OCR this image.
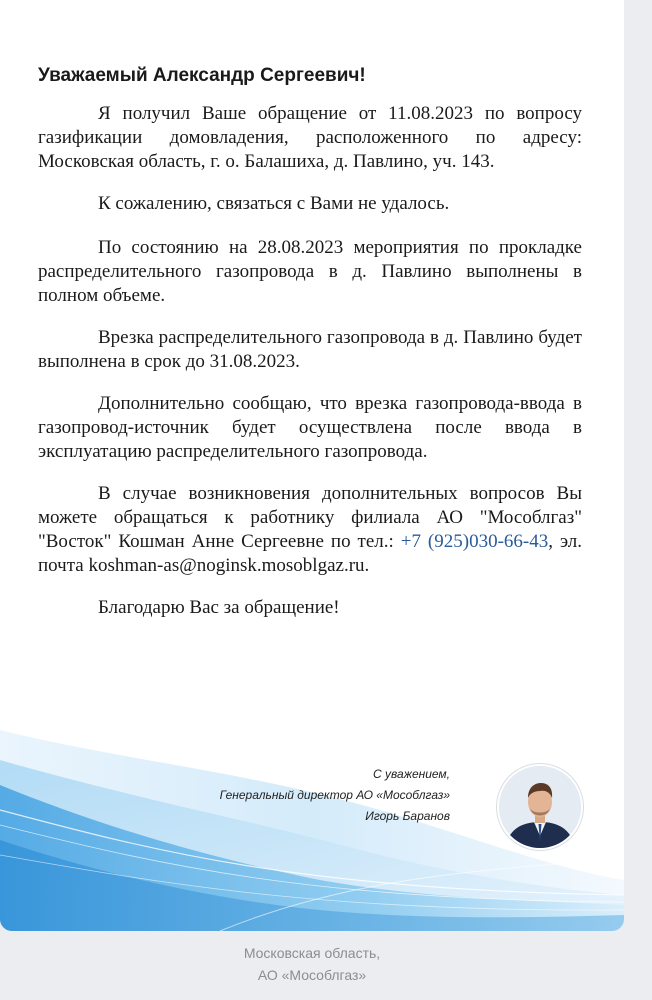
Уважаемый Александр Сергеевич!

Я получил Ваше обращение от 11.08.2023 по вопросу газификации домовладения, расположенного по адресу: Московская область, г. о. Балашиха, д. Павлино, уч. 143.

К сожалению, связаться с Вами не удалось.

По состоянию на 28.08.2023 мероприятия по прокладке распределительного газопровода в д. Павлино выполнены в полном объеме.

Врезка распределительного газопровода в д. Павлино будет выполнена в срок до 31.08.2023.

Дополнительно сообщаю, что врезка газопровода-ввода в газопровод-источник будет осуществлена после ввода в эксплуатацию распределительного газопровода.

В случае возникновения дополнительных вопросов Вы можете обращаться к работнику филиала АО "Мособлгаз" "Восток" Кошман Анне Сергеевне по тел.: +7 (925)030-66-43, эл. почта koshman-as@noginsk.mosoblgaz.ru.

Благодарю Вас за обращение!

С уважением,
Генеральный директор АО «Мособлгаз»
Игорь Баранов
Московская область,
АО «Мособлгаз»
